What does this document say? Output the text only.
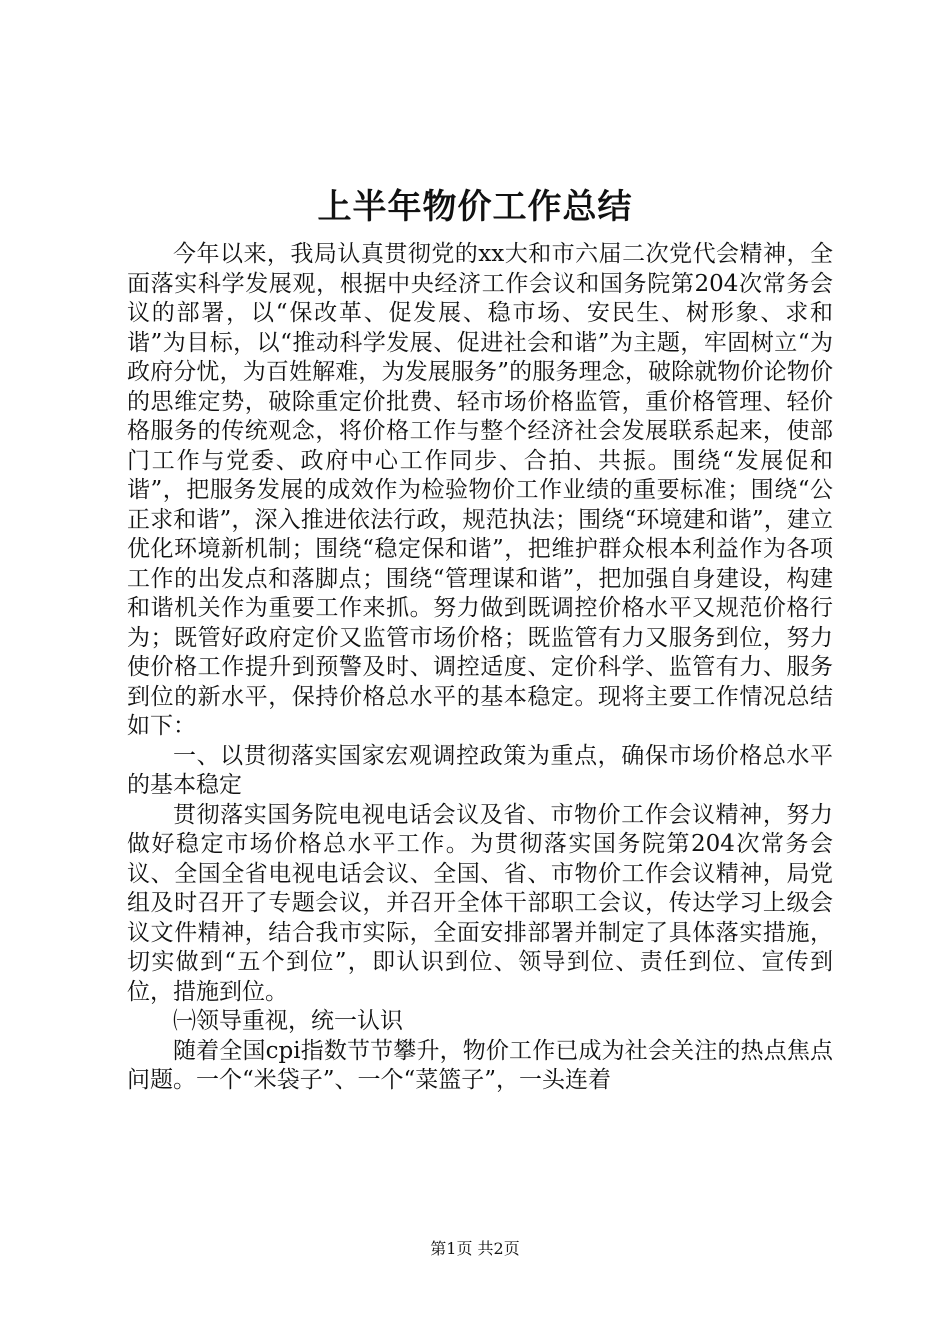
上半年物价工作总结

今年以来，我局认真贯彻党的xx大和市六届二次党代会精神，全面落实科学发展观，根据中央经济工作会议和国务院第204次常务会议的部署，以“保改革、促发展、稳市场、安民生、树形象、求和谐”为目标，以“推动科学发展、促进社会和谐”为主题，牢固树立“为政府分忧，为百姓解难，为发展服务”的服务理念，破除就物价论物价的思维定势，破除重定价批费、轻市场价格监管，重价格管理、轻价格服务的传统观念，将价格工作与整个经济社会发展联系起来，使部门工作与党委、政府中心工作同步、合拍、共振。围绕“发展促和谐”，把服务发展的成效作为检验物价工作业绩的重要标准；围绕“公正求和谐”，深入推进依法行政，规范执法；围绕“环境建和谐”，建立优化环境新机制；围绕“稳定保和谐”，把维护群众根本利益作为各项工作的出发点和落脚点；围绕“管理谋和谐”，把加强自身建设，构建和谐机关作为重要工作来抓。努力做到既调控价格水平又规范价格行为；既管好政府定价又监管市场价格；既监管有力又服务到位，努力使价格工作提升到预警及时、调控适度、定价科学、监管有力、服务到位的新水平，保持价格总水平的基本稳定。现将主要工作情况总结如下：

一、以贯彻落实国家宏观调控政策为重点，确保市场价格总水平的基本稳定

贯彻落实国务院电视电话会议及省、市物价工作会议精神，努力做好稳定市场价格总水平工作。为贯彻落实国务院第204次常务会议、全国全省电视电话会议、全国、省、市物价工作会议精神，局党组及时召开了专题会议，并召开全体干部职工会议，传达学习上级会议文件精神，结合我市实际，全面安排部署并制定了具体落实措施，切实做到“五个到位”，即认识到位、领导到位、责任到位、宣传到位，措施到位。

㈠领导重视，统一认识

随着全国cpi指数节节攀升，物价工作已成为社会关注的热点焦点问题。一个“米袋子”、一个“菜篮子”，一头连着

第1页 共2页
